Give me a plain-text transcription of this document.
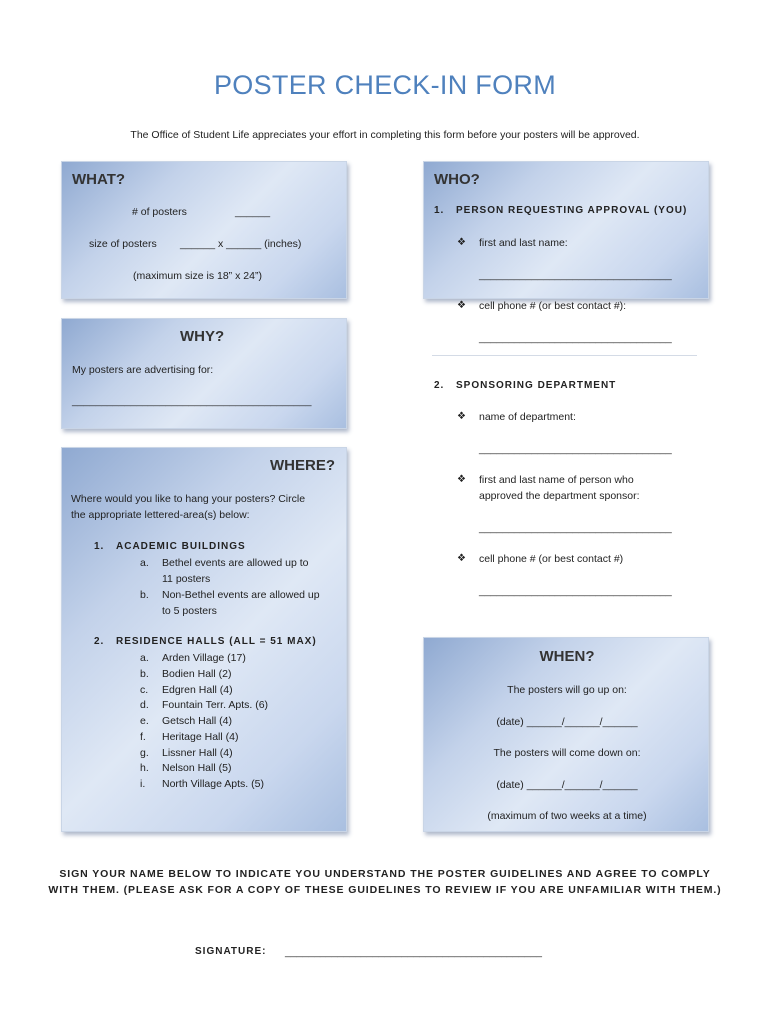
POSTER CHECK-IN FORM
The Office of Student Life appreciates your effort in completing this form before your posters will be approved.
WHAT?
# of posters	______
size of posters ______ x ______ (inches)
(maximum size is 18” x 24”)
WHY?
My posters are advertising for:
_________________________________________
WHERE?
Where would you like to hang your posters? Circle
the appropriate lettered-area(s) below:
1. ACADEMIC BUILDINGS
a. Bethel events are allowed up to
11 posters
b. Non-Bethel events are allowed up
to 5 posters
2. RESIDENCE HALLS (ALL = 51 MAX)
a. Arden Village (17)
b. Bodien Hall (2)
c. Edgren Hall (4)
d. Fountain Terr. Apts. (6)
e. Getsch Hall (4)
f. Heritage Hall (4)
g. Lissner Hall (4)
h. Nelson Hall (5)
i. North Village Apts. (5)
WHO?
1. PERSON REQUESTING APPROVAL (YOU)
❖ first and last name:
_________________________________
❖ cell phone # (or best contact #):
_________________________________
2. SPONSORING DEPARTMENT
❖ name of department:
_________________________________
❖ first and last name of person who
approved the department sponsor:
_________________________________
❖ cell phone # (or best contact #)
_________________________________
WHEN?
The posters will go up on:
(date) ______/______/______
The posters will come down on:
(date) ______/______/______
(maximum of two weeks at a time)
SIGN YOUR NAME BELOW TO INDICATE YOU UNDERSTAND THE POSTER GUIDELINES AND AGREE TO COMPLY
WITH THEM. (PLEASE ASK FOR A COPY OF THESE GUIDELINES TO REVIEW IF YOU ARE UNFAMILIAR WITH THEM.)
SIGNATURE: ____________________________________________
